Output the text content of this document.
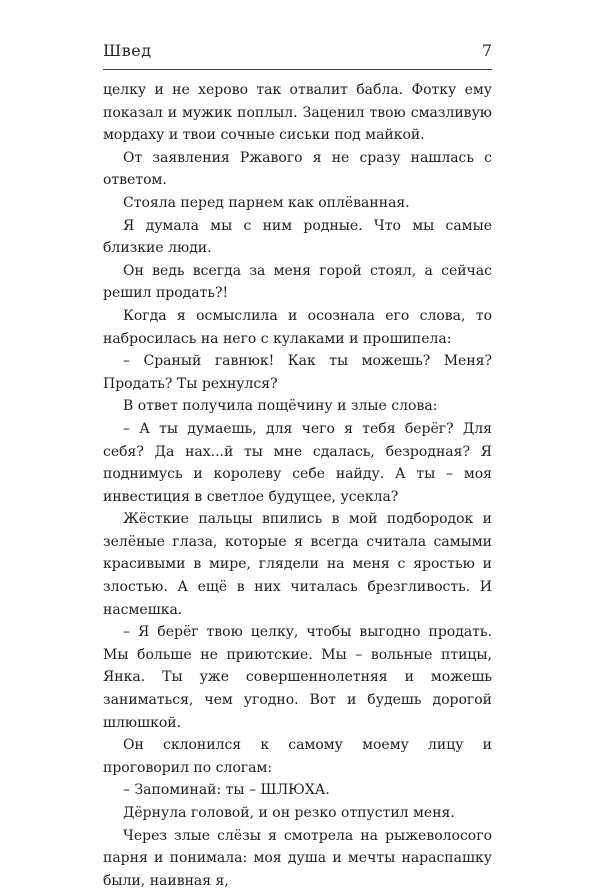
Швед	7

целку и не херово так отвалит бабла. Фотку ему показал и мужик поплыл. Заценил твою смазливую мордаху и твои сочные сиськи под майкой.

От заявления Ржавого я не сразу нашлась с ответом.

Стояла перед парнем как оплёванная.

Я думала мы с ним родные. Что мы самые близкие люди.

Он ведь всегда за меня горой стоял, а сейчас решил продать?!

Когда я осмыслила и осознала его слова, то набросилась на него с кулаками и прошипела:

– Сраный гавнюк! Как ты можешь? Меня? Продать? Ты рехнулся?

В ответ получила пощёчину и злые слова:

– А ты думаешь, для чего я тебя берёг? Для себя? Да нах...й ты мне сдалась, безродная? Я поднимусь и королеву себе найду. А ты – моя инвестиция в светлое будущее, усекла?

Жёсткие пальцы впились в мой подбородок и зелёные глаза, которые я всегда считала самыми красивыми в мире, глядели на меня с яростью и злостью. А ещё в них читалась брезгливость. И насмешка.

– Я берёг твою целку, чтобы выгодно продать. Мы больше не приютские. Мы – вольные птицы, Янка. Ты уже совершеннолетняя и можешь заниматься, чем угодно. Вот и будешь дорогой шлюшкой.

Он склонился к самому моему лицу и проговорил по слогам:

– Запоминай: ты – ШЛЮХА.

Дёрнула головой, и он резко отпустил меня.

Через злые слёзы я смотрела на рыжеволосого парня и понимала: моя душа и мечты нараспашку были, наивная я,
